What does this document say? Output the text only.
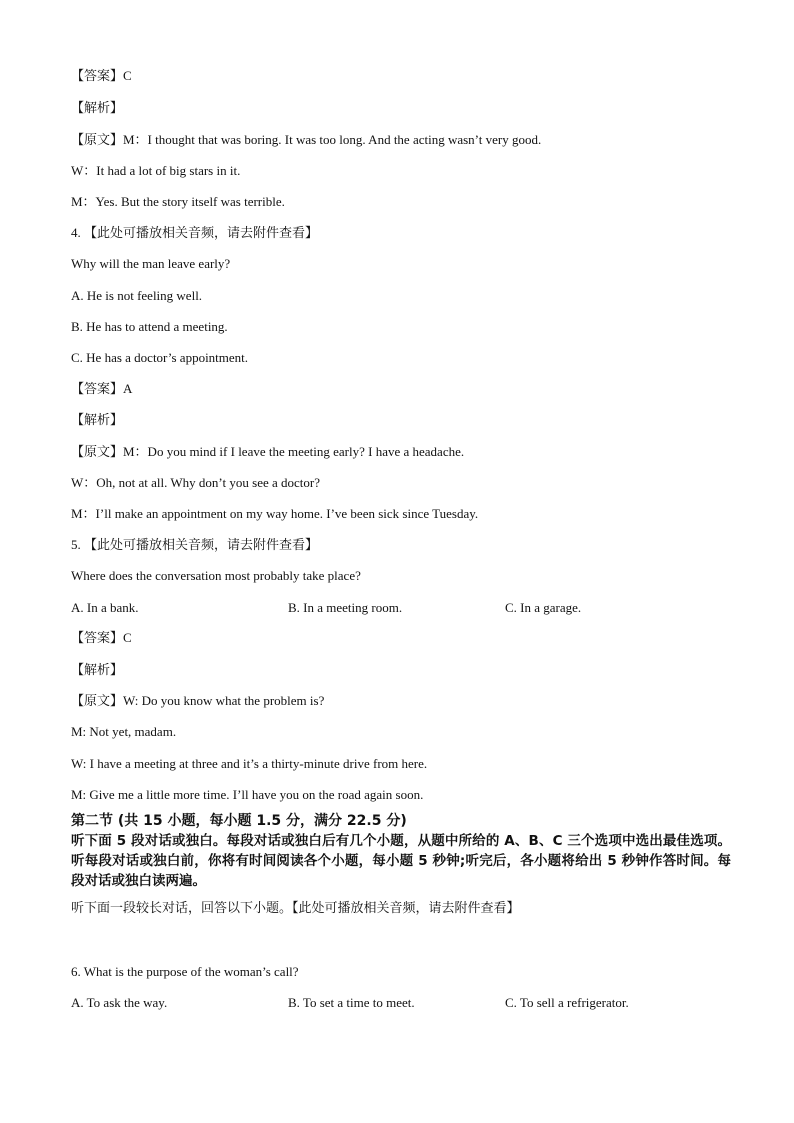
【答案】C
【解析】
【原文】M：I thought that was boring. It was too long. And the acting wasn’t very good.
W：It had a lot of big stars in it.
M：Yes. But the story itself was terrible.
4. 【此处可播放相关音频，请去附件查看】
Why will the man leave early?
A. He is not feeling well.
B. He has to attend a meeting.
C. He has a doctor’s appointment.
【答案】A
【解析】
【原文】M：Do you mind if I leave the meeting early? I have a headache.
W：Oh, not at all. Why don’t you see a doctor?
M：I’ll make an appointment on my way home. I’ve been sick since Tuesday.
5. 【此处可播放相关音频，请去附件查看】
Where does the conversation most probably take place?
A. In a bank.	B. In a meeting room.	C. In a garage.
【答案】C
【解析】
【原文】W: Do you know what the problem is?
M: Not yet, madam.
W: I have a meeting at three and it’s a thirty-minute drive from here.
M: Give me a little more time. I’ll have you on the road again soon.
第二节 (共 15 小题，每小题 1.5 分，满分 22.5 分)
听下面 5 段对话或独白。每段对话或独白后有几个小题，从题中所给的 A、B、C 三个选项中选出最佳选项。听每段对话或独白前，你将有时间阅读各个小题，每小题 5 秒钟;听完后，各小题将给出 5 秒钟作答时间。每段对话或独白读两遍。
听下面一段较长对话，回答以下小题。【此处可播放相关音频，请去附件查看】
6. What is the purpose of the woman’s call?
A. To ask the way.	B. To set a time to meet.	C. To sell a refrigerator.
